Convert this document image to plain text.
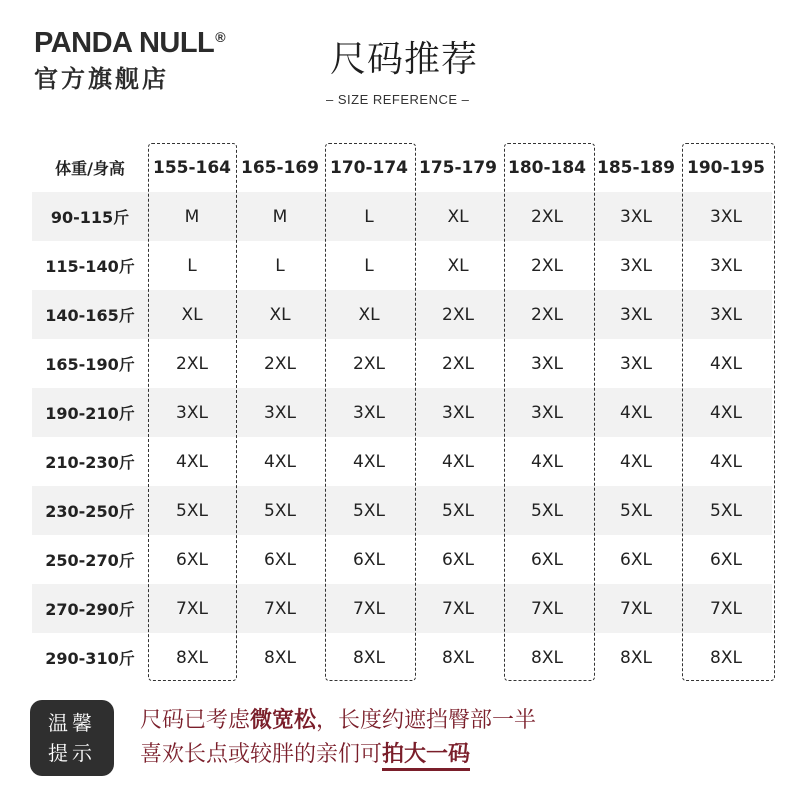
PANDA NULL®
官方旗舰店	尺码推荐
– SIZE REFERENCE –
体重/身高	155-164 165-169 170-174 175-179 180-184 185-189 190-195
90-115斤	M	M	L	XL	2XL	3XL	3XL
115-140斤	L	L	L	XL	2XL	3XL	3XL
140-165斤	XL	XL	XL	2XL	2XL	3XL	3XL
165-190斤	2XL	2XL	2XL	2XL	3XL	3XL	4XL
190-210斤	3XL	3XL	3XL	3XL	3XL	4XL	4XL
210-230斤	4XL	4XL	4XL	4XL	4XL	4XL	4XL
230-250斤	5XL	5XL	5XL	5XL	5XL	5XL	5XL
250-270斤	6XL	6XL	6XL	6XL	6XL	6XL	6XL
270-290斤	7XL	7XL	7XL	7XL	7XL	7XL	7XL
290-310斤	8XL	8XL	8XL	8XL	8XL	8XL	8XL
温馨
提示
尺码已考虑微宽松，长度约遮挡臀部一半
喜欢长点或较胖的亲们可拍大一码
